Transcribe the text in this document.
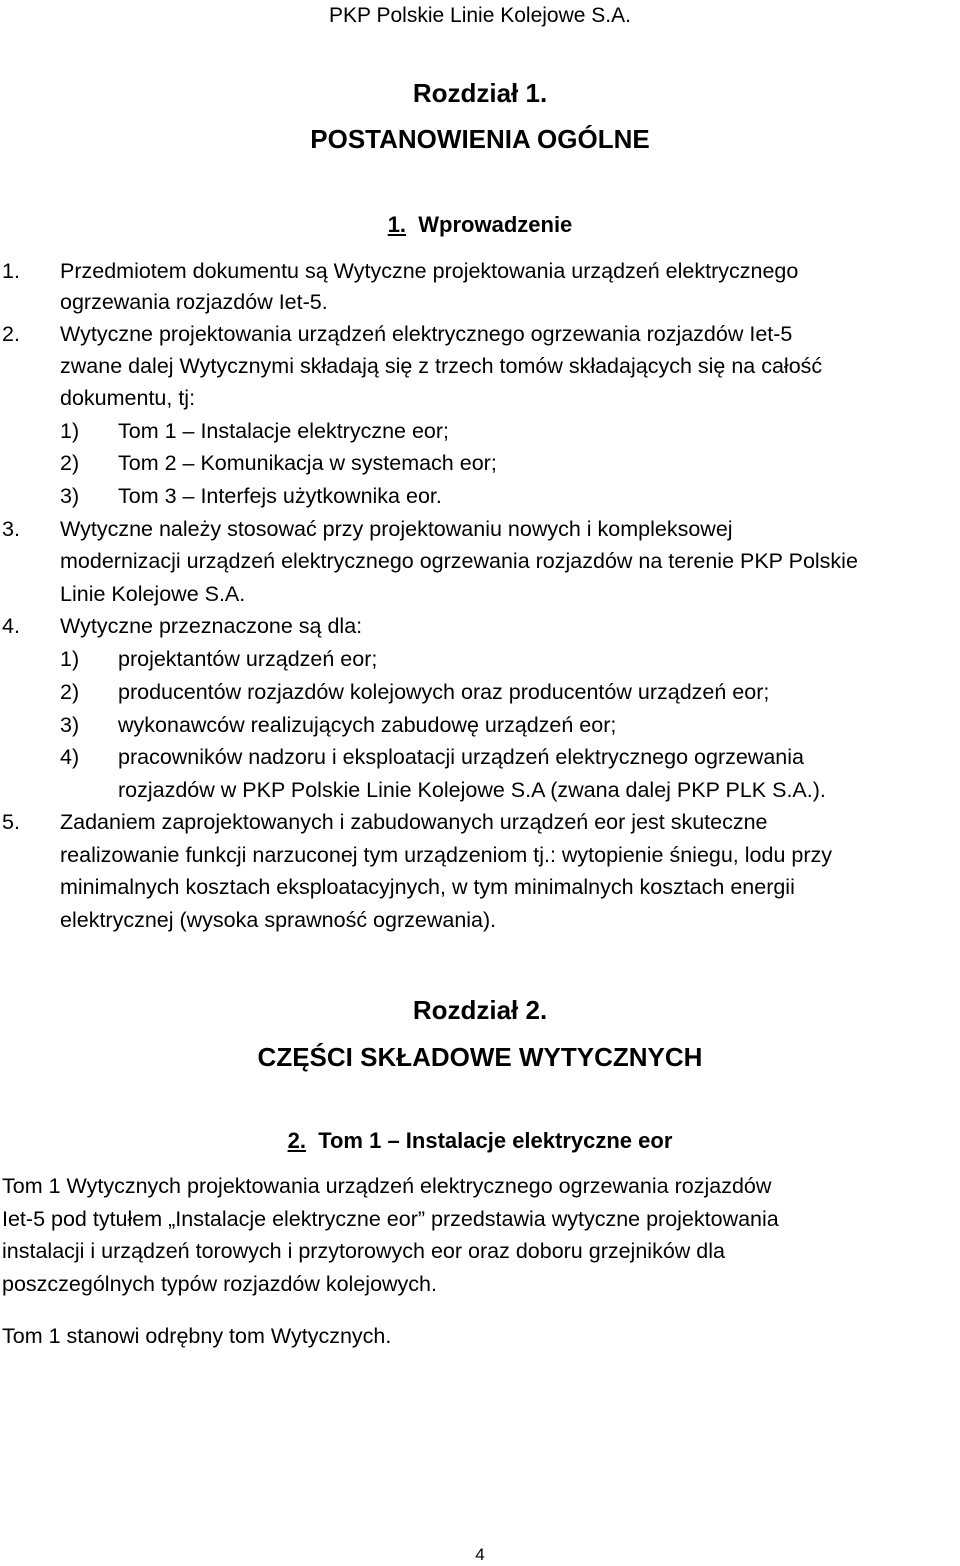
PKP Polskie Linie Kolejowe S.A.
Rozdział 1.
POSTANOWIENIA OGÓLNE
1. Wprowadzenie
1. Przedmiotem dokumentu są Wytyczne projektowania urządzeń elektrycznego
ogrzewania rozjazdów Iet-5.
2. Wytyczne projektowania urządzeń elektrycznego ogrzewania rozjazdów Iet-5
zwane dalej Wytycznymi składają się z trzech tomów składających się na całość
dokumentu, tj:
1) Tom 1 – Instalacje elektryczne eor;
2) Tom 2 – Komunikacja w systemach eor;
3) Tom 3 – Interfejs użytkownika eor.
3. Wytyczne należy stosować przy projektowaniu nowych i kompleksowej
modernizacji urządzeń elektrycznego ogrzewania rozjazdów na terenie PKP Polskie
Linie Kolejowe S.A.
4. Wytyczne przeznaczone są dla:
1) projektantów urządzeń eor;
2) producentów rozjazdów kolejowych oraz producentów urządzeń eor;
3) wykonawców realizujących zabudowę urządzeń eor;
4) pracowników nadzoru i eksploatacji urządzeń elektrycznego ogrzewania
rozjazdów w PKP Polskie Linie Kolejowe S.A (zwana dalej PKP PLK S.A.).
5. Zadaniem zaprojektowanych i zabudowanych urządzeń eor jest skuteczne
realizowanie funkcji narzuconej tym urządzeniom tj.: wytopienie śniegu, lodu przy
minimalnych kosztach eksploatacyjnych, w tym minimalnych kosztach energii
elektrycznej (wysoka sprawność ogrzewania).
Rozdział 2.
CZĘŚCI SKŁADOWE WYTYCZNYCH
2. Tom 1 – Instalacje elektryczne eor
Tom 1 Wytycznych projektowania urządzeń elektrycznego ogrzewania rozjazdów
Iet-5 pod tytułem „Instalacje elektryczne eor” przedstawia wytyczne projektowania
instalacji i urządzeń torowych i przytorowych eor oraz doboru grzejników dla
poszczególnych typów rozjazdów kolejowych.
Tom 1 stanowi odrębny tom Wytycznych.
4
